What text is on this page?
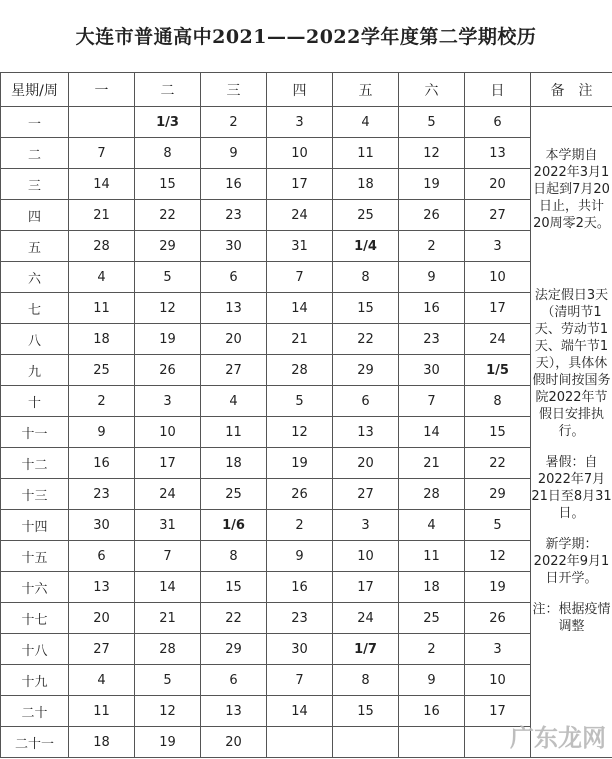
大连市普通高中2021——2022学年度第二学期校历
星期/周	一	二	三	四	五	六	日	备　注
一		1/3	2	3	4	5	6	本学期自2022年3月1日起到7月20日止，共计20周零2天。
法定假日3天（清明节1天、劳动节1天、端午节1天），具体休假时间按国务院2022年节假日安排执行。
暑假：自2022年7月21日至8月31日。
新学期：2022年9月1日开学。
注：根据疫情调整

二	7	8	9	10	11	12	13	
三	14	15	16	17	18	19	20	
四	21	22	23	24	25	26	27	
五	28	29	30	31	1/4	2	3	
六	4	5	6	7	8	9	10	
七	11	12	13	14	15	16	17	
八	18	19	20	21	22	23	24	
九	25	26	27	28	29	30	1/5	
十	2	3	4	5	6	7	8	
十一	9	10	11	12	13	14	15	
十二	16	17	18	19	20	21	22	
十三	23	24	25	26	27	28	29	
十四	30	31	1/6	2	3	4	5	
十五	6	7	8	9	10	11	12	
十六	13	14	15	16	17	18	19	
十七	20	21	22	23	24	25	26	
十八	27	28	29	30	1/7	2	3	
十九	4	5	6	7	8	9	10	
二十	11	12	13	14	15	16	17	
二十一	18	19	20						广东龙网
